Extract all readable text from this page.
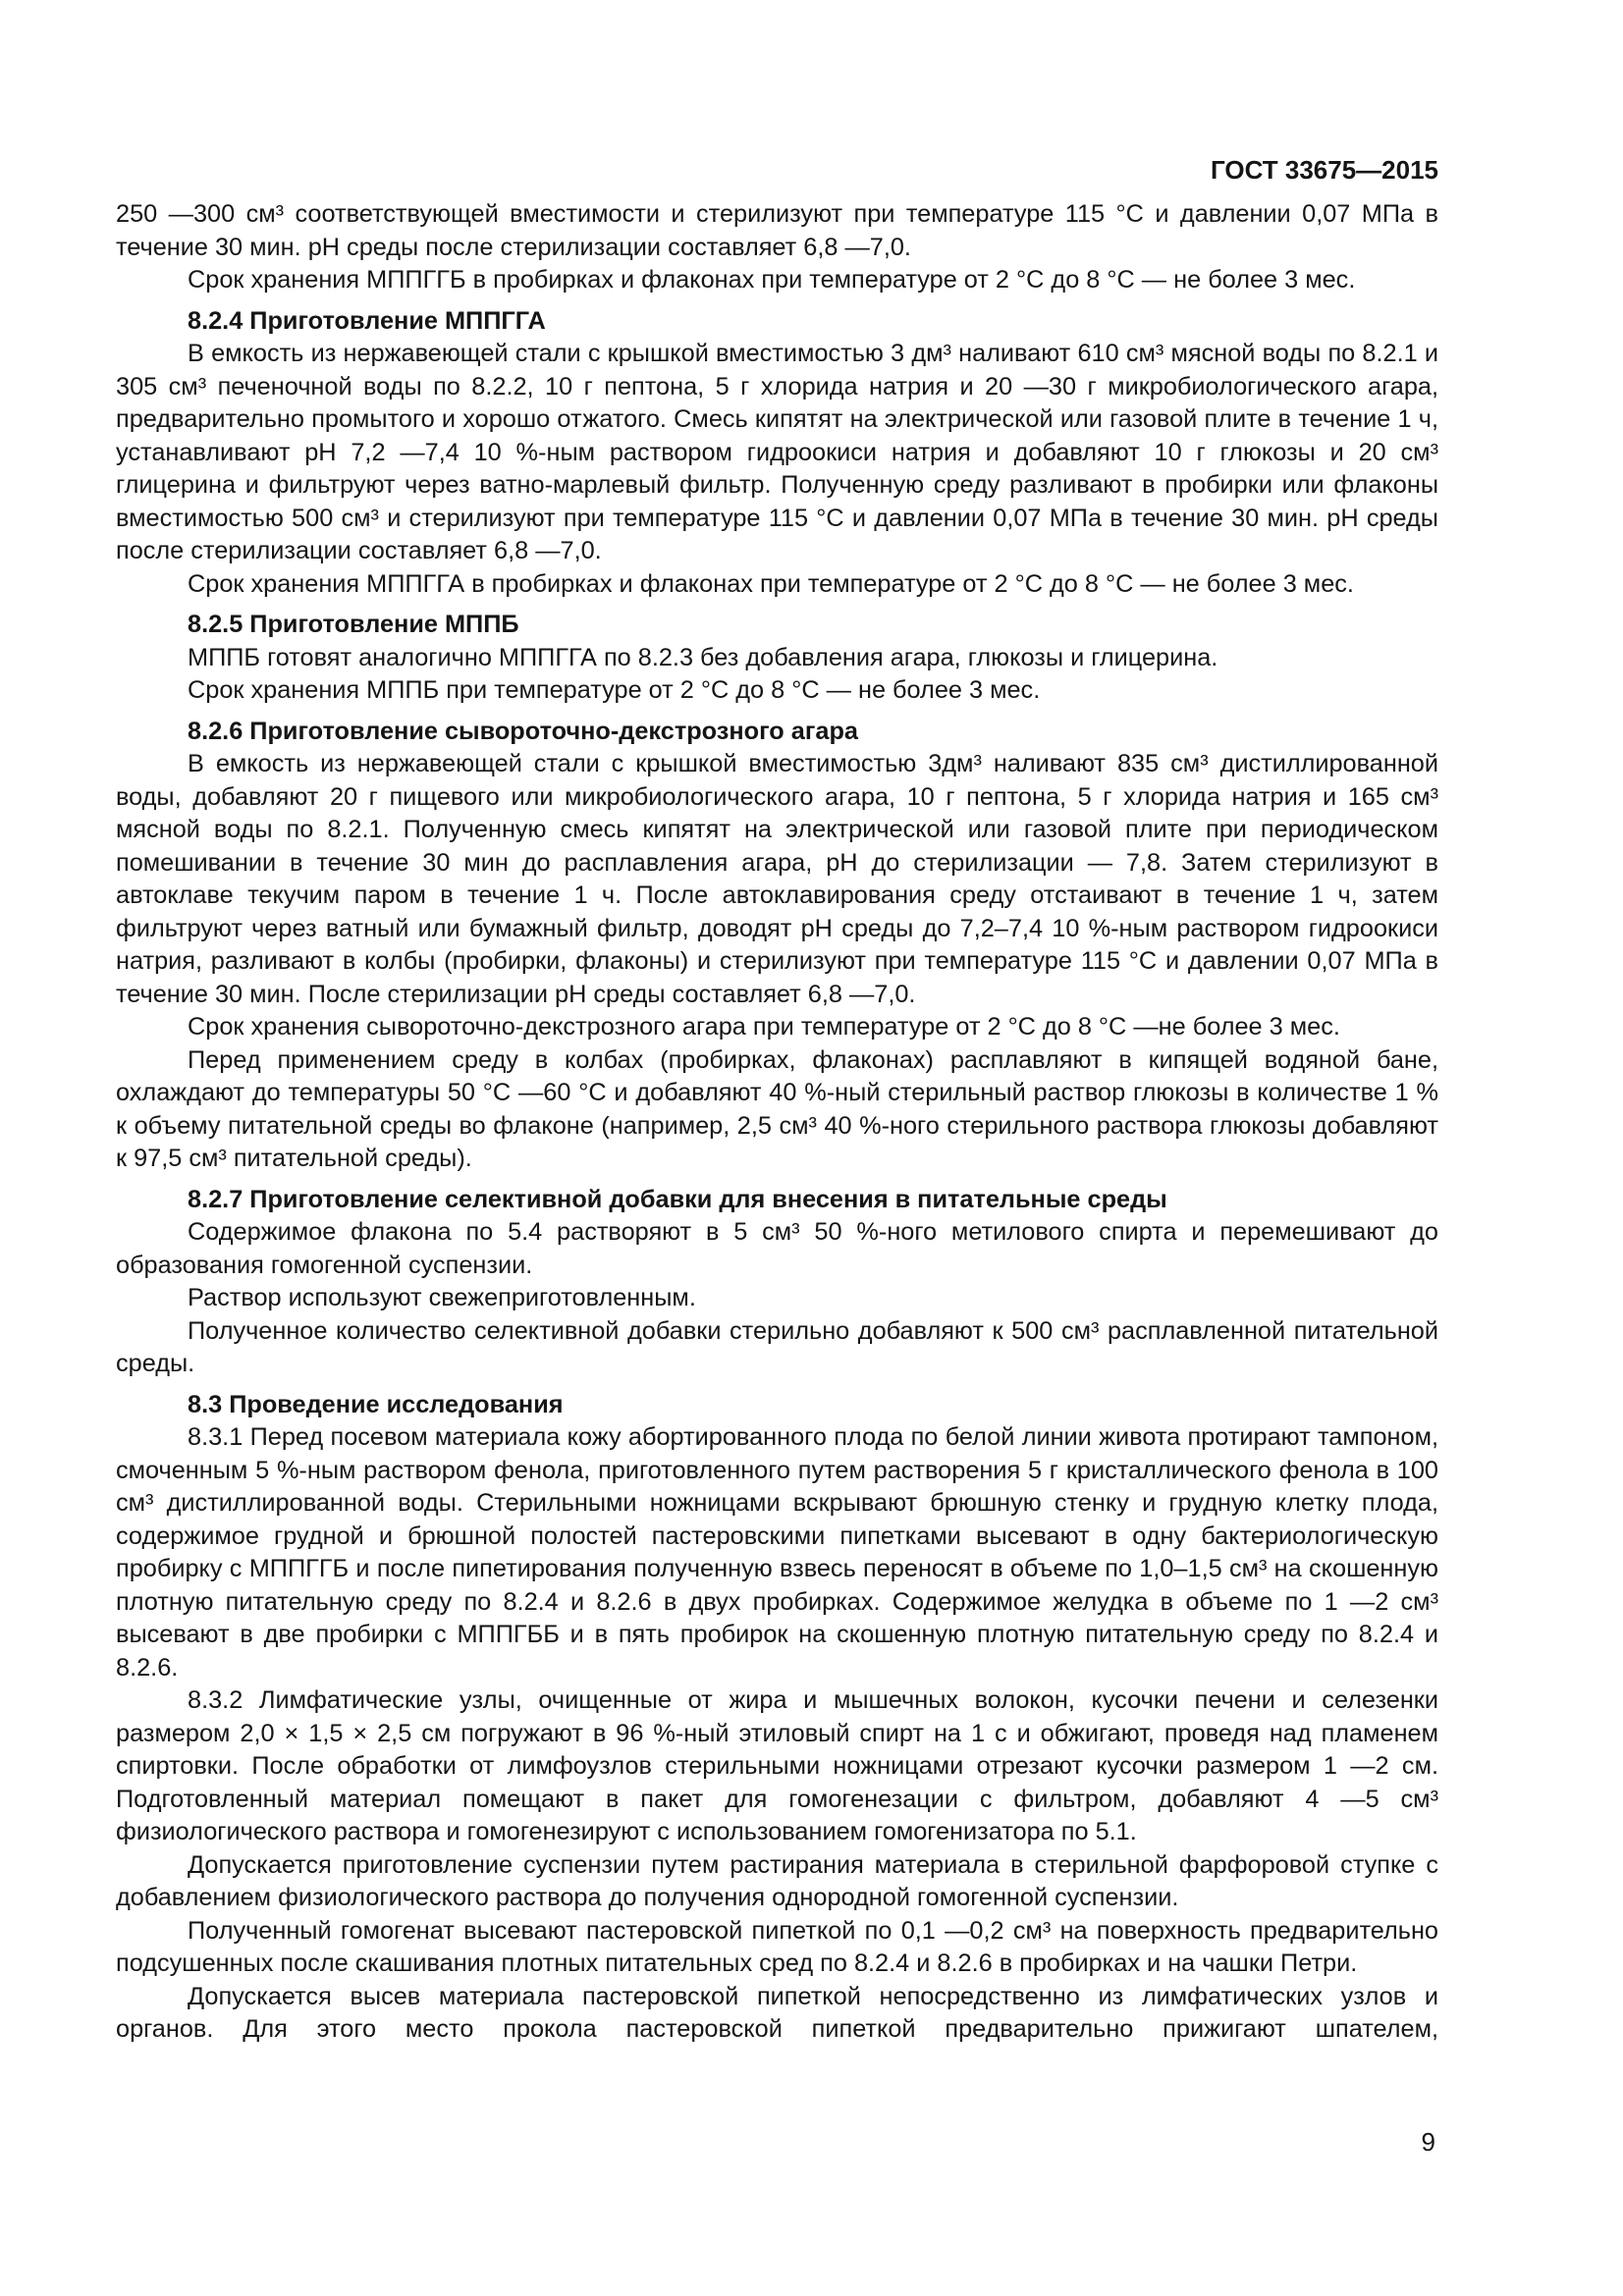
ГОСТ 33675—2015

250 —300 см³ соответствующей вместимости и стерилизуют при температуре 115 °С и давлении 0,07 МПа в течение 30 мин. рН среды после стерилизации составляет 6,8 —7,0.

Срок хранения МППГГБ в пробирках и флаконах при температуре от 2 °С до 8 °С — не более 3 мес.

8.2.4 Приготовление МППГГА

В емкость из нержавеющей стали с крышкой вместимостью 3 дм³ наливают 610 см³ мясной воды по 8.2.1 и 305 см³ печеночной воды по 8.2.2, 10 г пептона, 5 г хлорида натрия и 20 —30 г микробиологического агара, предварительно промытого и хорошо отжатого. Смесь кипятят на электрической или газовой плите в течение 1 ч, устанавливают рН 7,2 —7,4 10 %-ным раствором гидроокиси натрия и добавляют 10 г глюкозы и 20 см³ глицерина и фильтруют через ватно-марлевый фильтр. Полученную среду разливают в пробирки или флаконы вместимостью 500 см³ и стерилизуют при температуре 115 °С и давлении 0,07 МПа в течение 30 мин. рН среды после стерилизации составляет 6,8 —7,0.

Срок хранения МППГГА в пробирках и флаконах при температуре от 2 °С до 8 °С — не более 3 мес.

8.2.5 Приготовление МППБ

МППБ готовят аналогично МППГГА по 8.2.3 без добавления агара, глюкозы и глицерина.

Срок хранения МППБ при температуре от 2 °С до 8 °С — не более 3 мес.

8.2.6 Приготовление сывороточно-декстрозного агара

В емкость из нержавеющей стали с крышкой вместимостью 3дм³ наливают 835 см³ дистиллированной воды, добавляют 20 г пищевого или микробиологического агара, 10 г пептона, 5 г хлорида натрия и 165 см³ мясной воды по 8.2.1. Полученную смесь кипятят на электрической или газовой плите при периодическом помешивании в течение 30 мин до расплавления агара, рН до стерилизации — 7,8. Затем стерилизуют в автоклаве текучим паром в течение 1 ч. После автоклавирования среду отстаивают в течение 1 ч, затем фильтруют через ватный или бумажный фильтр, доводят рН среды до 7,2–7,4 10 %-ным раствором гидроокиси натрия, разливают в колбы (пробирки, флаконы) и стерилизуют при температуре 115 °С и давлении 0,07 МПа в течение 30 мин. После стерилизации рН среды составляет 6,8 —7,0.

Срок хранения сывороточно-декстрозного агара при температуре от 2 °С до 8 °С —не более 3 мес.

Перед применением среду в колбах (пробирках, флаконах) расплавляют в кипящей водяной бане, охлаждают до температуры 50 °С —60 °С и добавляют 40 %-ный стерильный раствор глюкозы в количестве 1 % к объему питательной среды во флаконе (например, 2,5 см³ 40 %-ного стерильного раствора глюкозы добавляют к 97,5 см³ питательной среды).

8.2.7 Приготовление селективной добавки для внесения в питательные среды

Содержимое флакона по 5.4 растворяют в 5 см³ 50 %-ного метилового спирта и перемешивают до образования гомогенной суспензии.

Раствор используют свежеприготовленным.

Полученное количество селективной добавки стерильно добавляют к 500 см³ расплавленной питательной среды.

8.3 Проведение исследования

8.3.1 Перед посевом материала кожу абортированного плода по белой линии живота протирают тампоном, смоченным 5 %-ным раствором фенола, приготовленного путем растворения 5 г кристаллического фенола в 100 см³ дистиллированной воды. Стерильными ножницами вскрывают брюшную стенку и грудную клетку плода, содержимое грудной и брюшной полостей пастеровскими пипетками высевают в одну бактериологическую пробирку с МППГГБ и после пипетирования полученную взвесь переносят в объеме по 1,0–1,5 см³ на скошенную плотную питательную среду по 8.2.4 и 8.2.6 в двух пробирках. Содержимое желудка в объеме по 1 —2 см³ высевают в две пробирки с МППГББ и в пять пробирок на скошенную плотную питательную среду по 8.2.4 и 8.2.6.

8.3.2 Лимфатические узлы, очищенные от жира и мышечных волокон, кусочки печени и селезенки размером 2,0 × 1,5 × 2,5 см погружают в 96 %-ный этиловый спирт на 1 с и обжигают, проведя над пламенем спиртовки. После обработки от лимфоузлов стерильными ножницами отрезают кусочки размером 1 —2 см. Подготовленный материал помещают в пакет для гомогенезации с фильтром, добавляют 4 —5 см³ физиологического раствора и гомогенезируют с использованием гомогенизатора по 5.1.

Допускается приготовление суспензии путем растирания материала в стерильной фарфоровой ступке с добавлением физиологического раствора до получения однородной гомогенной суспензии.

Полученный гомогенат высевают пастеровской пипеткой по 0,1 —0,2 см³ на поверхность предварительно подсушенных после скашивания плотных питательных сред по 8.2.4 и 8.2.6 в пробирках и на чашки Петри.

Допускается высев материала пастеровской пипеткой непосредственно из лимфатических узлов и органов. Для этого место прокола пастеровской пипеткой предварительно прижигают шпателем,

9
